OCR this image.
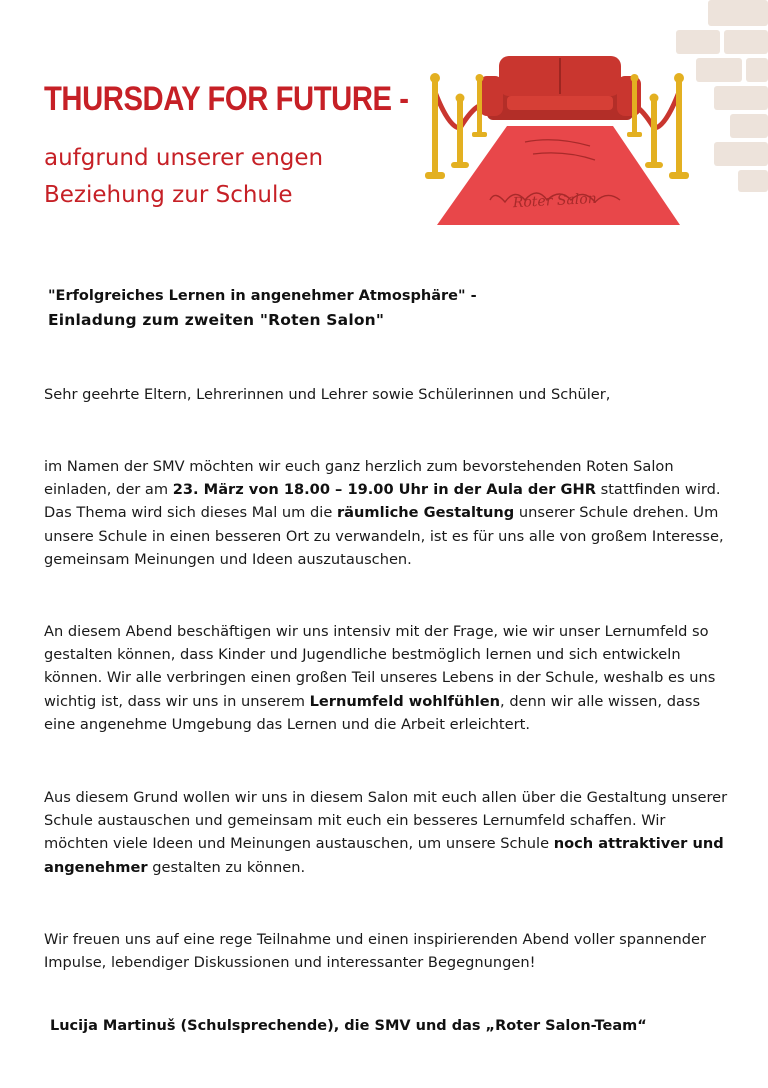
Roter Salon
THURSDAY FOR FUTURE -
aufgrund unserer engen
Beziehung zur Schule
"Erfolgreiches Lernen in angenehmer Atmosphäre" -
Einladung zum zweiten "Roten Salon"

Sehr geehrte Eltern, Lehrerinnen und Lehrer sowie Schülerinnen und Schüler,

im Namen der SMV möchten wir euch ganz herzlich zum bevorstehenden Roten Salon einladen, der am 23. März von 18.00 – 19.00 Uhr in der Aula der GHR stattfinden wird. Das Thema wird sich dieses Mal um die räumliche Gestaltung unserer Schule drehen. Um unsere Schule in einen besseren Ort zu verwandeln, ist es für uns alle von großem Interesse, gemeinsam Meinungen und Ideen auszutauschen.

An diesem Abend beschäftigen wir uns intensiv mit der Frage, wie wir unser Lernumfeld so gestalten können, dass Kinder und Jugendliche bestmöglich lernen und sich entwickeln können. Wir alle verbringen einen großen Teil unseres Lebens in der Schule, weshalb es uns wichtig ist, dass wir uns in unserem Lernumfeld wohlfühlen, denn wir alle wissen, dass eine angenehme Umgebung das Lernen und die Arbeit erleichtert.

Aus diesem Grund wollen wir uns in diesem Salon mit euch allen über die Gestaltung unserer Schule austauschen und gemeinsam mit euch ein besseres Lernumfeld schaffen. Wir möchten viele Ideen und Meinungen austauschen, um unsere Schule noch attraktiver und angenehmer gestalten zu können.

Wir freuen uns auf eine rege Teilnahme und einen inspirierenden Abend voller spannender Impulse, lebendiger Diskussionen und interessanter Begegnungen!

Lucija Martinuš (Schulsprechende), die SMV und das „Roter Salon-Team“
